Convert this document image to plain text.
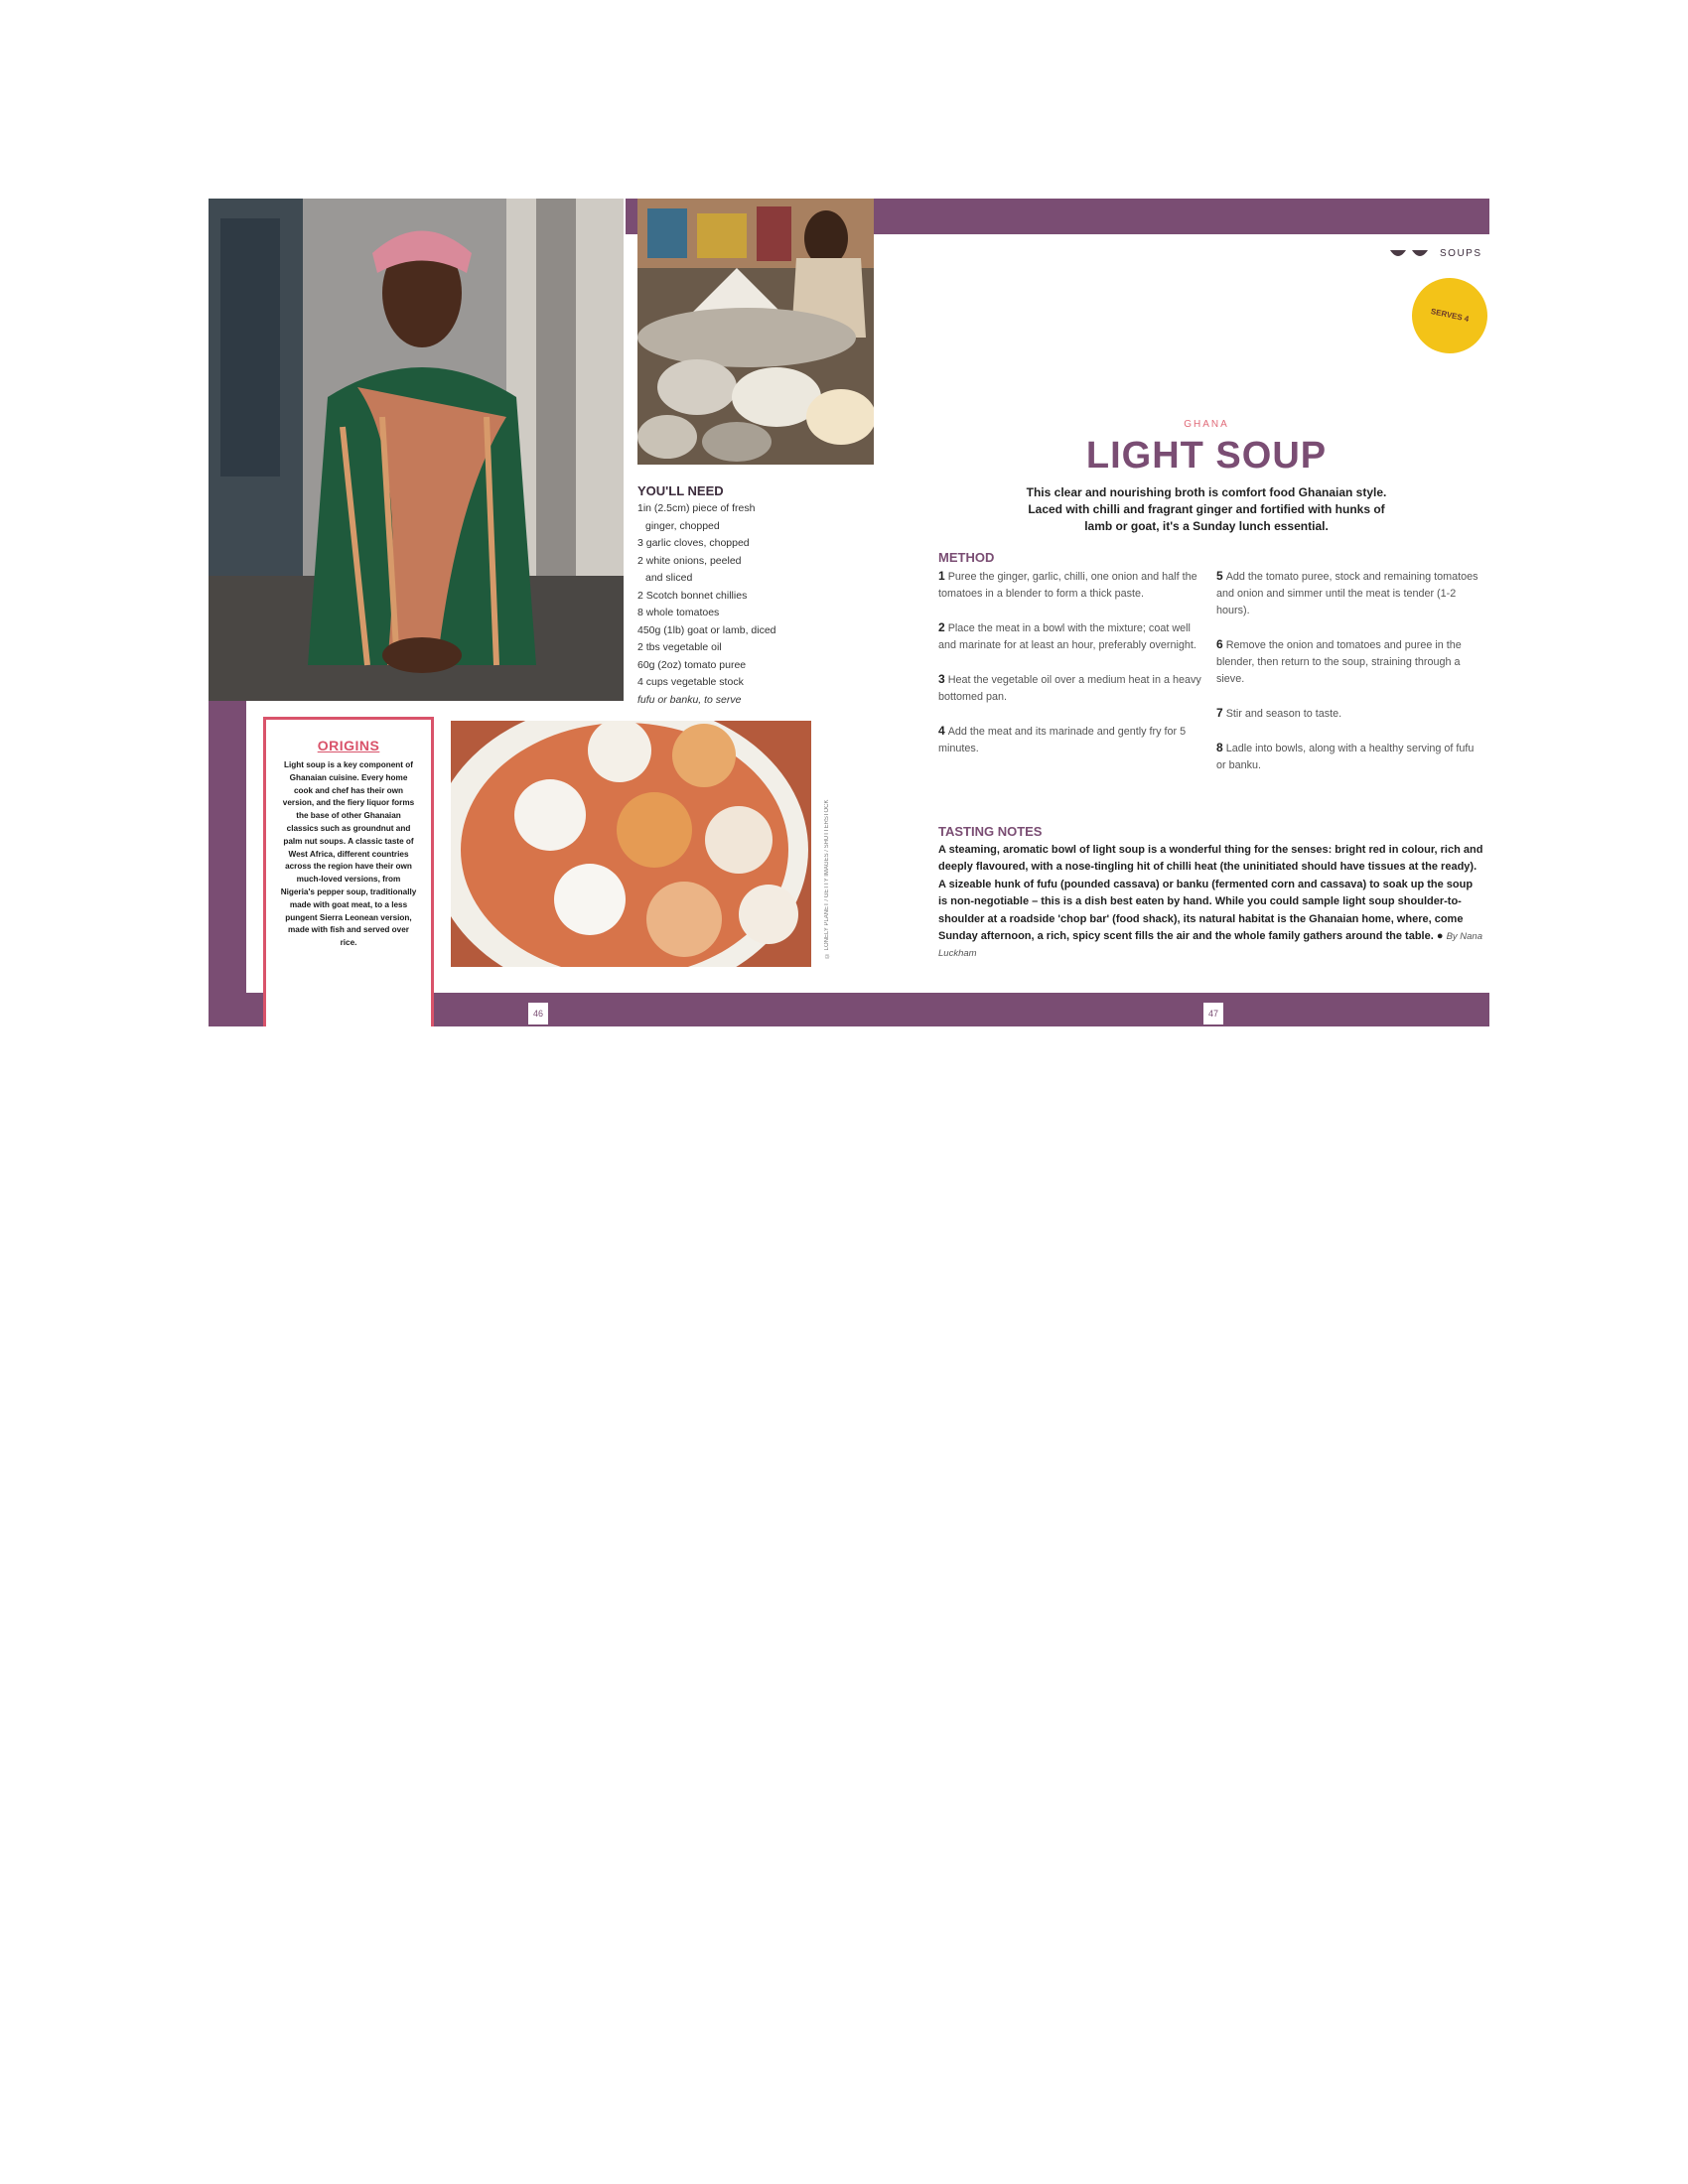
ORIGINS
Light soup is a key component of Ghanaian cuisine. Every home cook and chef has their own version, and the fiery liquor forms the base of other Ghanaian classics such as groundnut and palm nut soups. A classic taste of West Africa, different countries across the region have their own much-loved versions, from Nigeria's pepper soup, traditionally made with goat meat, to a less pungent Sierra Leonean version, made with fish and served over rice.
YOU'LL NEED
1in (2.5cm) piece of fresh
ginger, chopped
3 garlic cloves, chopped
2 white onions, peeled
and sliced
2 Scotch bonnet chillies
8 whole tomatoes
450g (1lb) goat or lamb, diced
2 tbs vegetable oil
60g (2oz) tomato puree
4 cups vegetable stock
fufu or banku, to serve
© LONELY PLANET / GETTY IMAGES / SHUTTERSTOCK
SOUPS
SERVES 4
GHANA
LIGHT SOUP
This clear and nourishing broth is comfort food Ghanaian style. Laced with chilli and fragrant ginger and fortified with hunks of lamb or goat, it's a Sunday lunch essential.
METHOD
1 Puree the ginger, garlic, chilli, one onion and half the tomatoes in a blender to form a thick paste.
2 Place the meat in a bowl with the mixture; coat well and marinate for at least an hour, preferably overnight.
3 Heat the vegetable oil over a medium heat in a heavy bottomed pan.
4 Add the meat and its marinade and gently fry for 5 minutes.
5 Add the tomato puree, stock and remaining tomatoes and onion and simmer until the meat is tender (1-2 hours).
6 Remove the onion and tomatoes and puree in the blender, then return to the soup, straining through a sieve.
7 Stir and season to taste.
8 Ladle into bowls, along with a healthy serving of fufu or banku.
TASTING NOTES
A steaming, aromatic bowl of light soup is a wonderful thing for the senses: bright red in colour, rich and deeply flavoured, with a nose-tingling hit of chilli heat (the uninitiated should have tissues at the ready). A sizeable hunk of fufu (pounded cassava) or banku (fermented corn and cassava) to soak up the soup is non-negotiable – this is a dish best eaten by hand. While you could sample light soup shoulder-to-shoulder at a roadside 'chop bar' (food shack), its natural habitat is the Ghanaian home, where, come Sunday afternoon, a rich, spicy scent fills the air and the whole family gathers around the table. ● By Nana Luckham
46	47
